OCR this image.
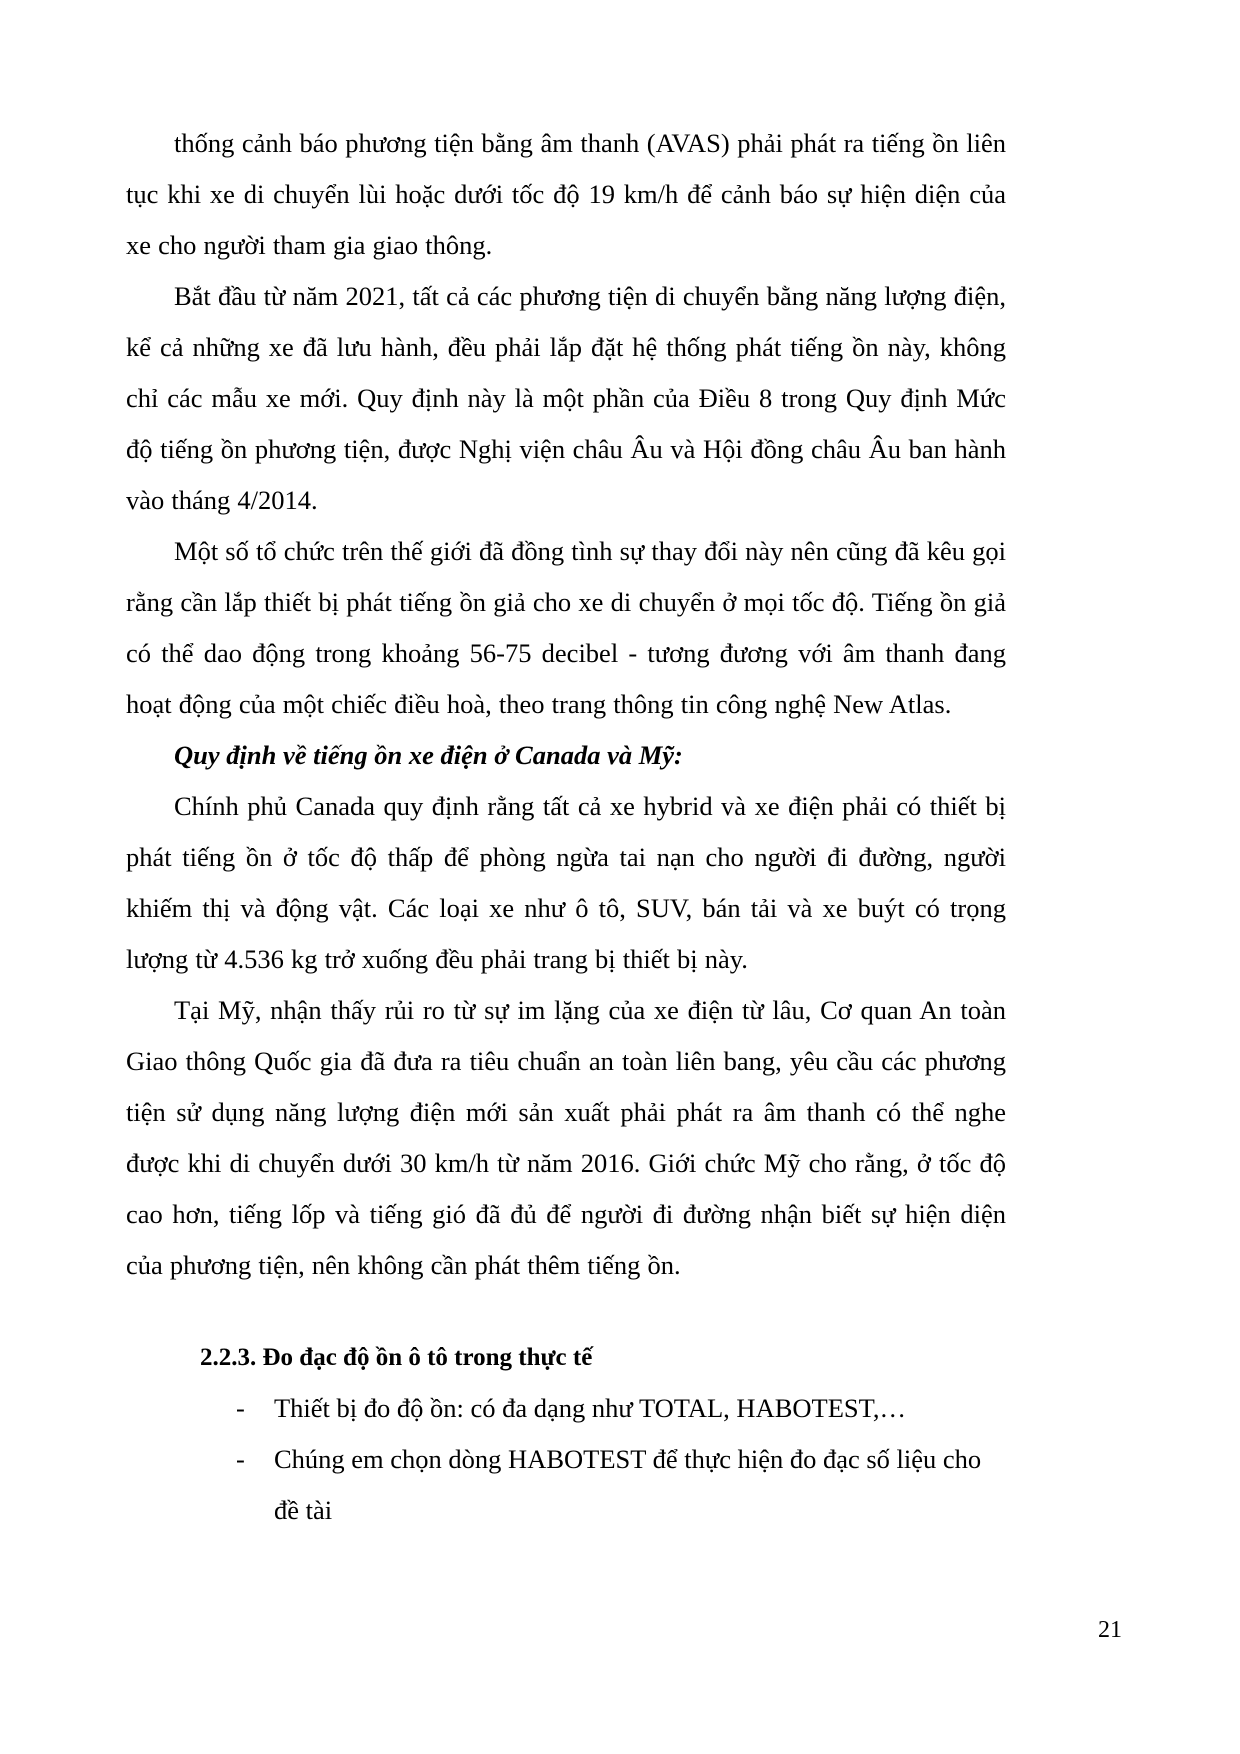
thống cảnh báo phương tiện bằng âm thanh (AVAS) phải phát ra tiếng ồn liên tục khi xe di chuyển lùi hoặc dưới tốc độ 19 km/h để cảnh báo sự hiện diện của xe cho người tham gia giao thông.

Bắt đầu từ năm 2021, tất cả các phương tiện di chuyển bằng năng lượng điện, kể cả những xe đã lưu hành, đều phải lắp đặt hệ thống phát tiếng ồn này, không chỉ các mẫu xe mới. Quy định này là một phần của Điều 8 trong Quy định Mức độ tiếng ồn phương tiện, được Nghị viện châu Âu và Hội đồng châu Âu ban hành vào tháng 4/2014.

Một số tổ chức trên thế giới đã đồng tình sự thay đổi này nên cũng đã kêu gọi rằng cần lắp thiết bị phát tiếng ồn giả cho xe di chuyển ở mọi tốc độ. Tiếng ồn giả có thể dao động trong khoảng 56-75 decibel - tương đương với âm thanh đang hoạt động của một chiếc điều hoà, theo trang thông tin công nghệ New Atlas.

Quy định về tiếng ồn xe điện ở Canada và Mỹ:

Chính phủ Canada quy định rằng tất cả xe hybrid và xe điện phải có thiết bị phát tiếng ồn ở tốc độ thấp để phòng ngừa tai nạn cho người đi đường, người khiếm thị và động vật. Các loại xe như ô tô, SUV, bán tải và xe buýt có trọng lượng từ 4.536 kg trở xuống đều phải trang bị thiết bị này.

Tại Mỹ, nhận thấy rủi ro từ sự im lặng của xe điện từ lâu, Cơ quan An toàn Giao thông Quốc gia đã đưa ra tiêu chuẩn an toàn liên bang, yêu cầu các phương tiện sử dụng năng lượng điện mới sản xuất phải phát ra âm thanh có thể nghe được khi di chuyển dưới 30 km/h từ năm 2016. Giới chức Mỹ cho rằng, ở tốc độ cao hơn, tiếng lốp và tiếng gió đã đủ để người đi đường nhận biết sự hiện diện của phương tiện, nên không cần phát thêm tiếng ồn.

2.2.3. Đo đạc độ ồn ô tô trong thực tế

- Thiết bị đo độ ồn: có đa dạng như TOTAL, HABOTEST,…
- Chúng em chọn dòng HABOTEST để thực hiện đo đạc số liệu cho đề tài
21
